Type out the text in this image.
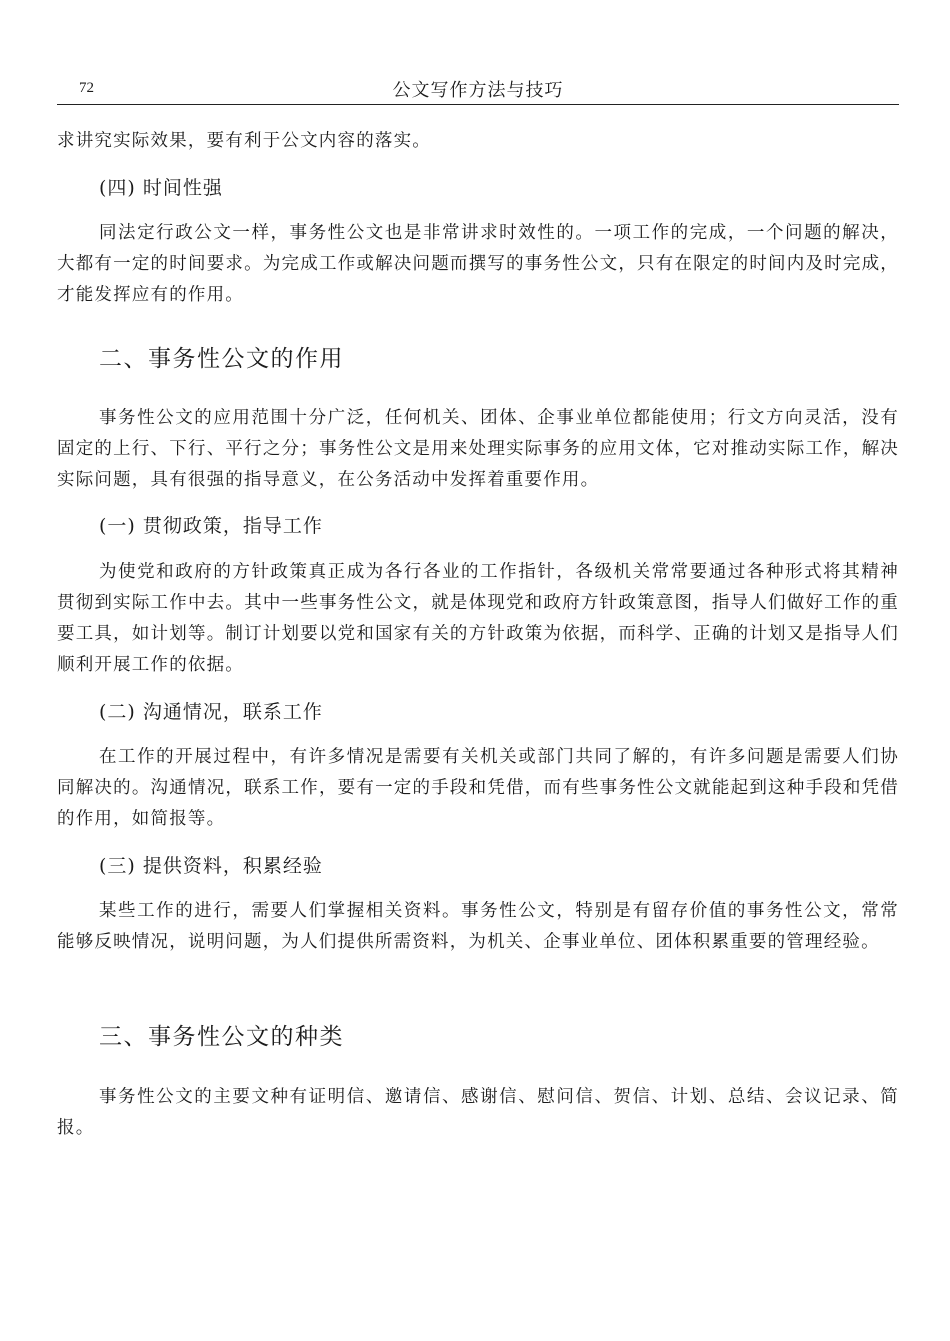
72	公文写作方法与技巧

求讲究实际效果，要有利于公文内容的落实。

(四) 时间性强

同法定行政公文一样，事务性公文也是非常讲求时效性的。一项工作的完成，一个问题的解决，大都有一定的时间要求。为完成工作或解决问题而撰写的事务性公文，只有在限定的时间内及时完成，才能发挥应有的作用。

二、事务性公文的作用

事务性公文的应用范围十分广泛，任何机关、团体、企事业单位都能使用；行文方向灵活，没有固定的上行、下行、平行之分；事务性公文是用来处理实际事务的应用文体，它对推动实际工作，解决实际问题，具有很强的指导意义，在公务活动中发挥着重要作用。

(一) 贯彻政策，指导工作

为使党和政府的方针政策真正成为各行各业的工作指针，各级机关常常要通过各种形式将其精神贯彻到实际工作中去。其中一些事务性公文，就是体现党和政府方针政策意图，指导人们做好工作的重要工具，如计划等。制订计划要以党和国家有关的方针政策为依据，而科学、正确的计划又是指导人们顺利开展工作的依据。

(二) 沟通情况，联系工作

在工作的开展过程中，有许多情况是需要有关机关或部门共同了解的，有许多问题是需要人们协同解决的。沟通情况，联系工作，要有一定的手段和凭借，而有些事务性公文就能起到这种手段和凭借的作用，如简报等。

(三) 提供资料，积累经验

某些工作的进行，需要人们掌握相关资料。事务性公文，特别是有留存价值的事务性公文，常常能够反映情况，说明问题，为人们提供所需资料，为机关、企事业单位、团体积累重要的管理经验。

三、事务性公文的种类

事务性公文的主要文种有证明信、邀请信、感谢信、慰问信、贺信、计划、总结、会议记录、简报。
